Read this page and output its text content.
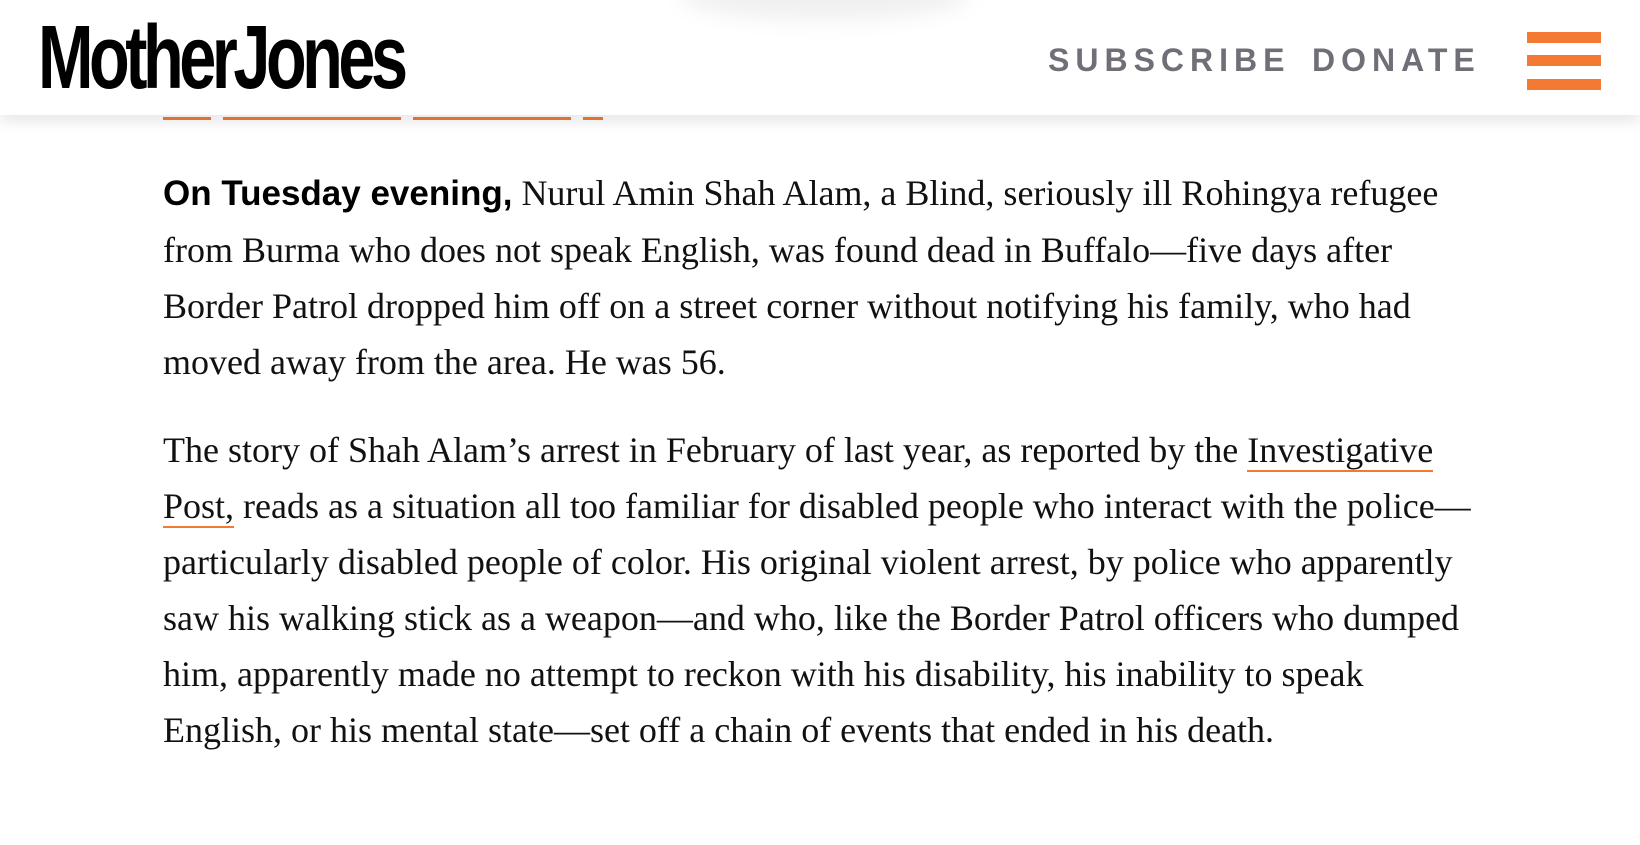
MotherJones	SUBSCRIBE DONATE

On Tuesday evening, Nurul Amin Shah Alam, a Blind, seriously ill Rohingya refugee from Burma who does not speak English, was found dead in Buffalo—five days after Border Patrol dropped him off on a street corner without notifying his family, who had moved away from the area. He was 56.

The story of Shah Alam’s arrest in February of last year, as reported by the Investigative Post, reads as a situation all too familiar for disabled people who interact with the police—particularly disabled people of color. His original violent arrest, by police who apparently saw his walking stick as a weapon—and who, like the Border Patrol officers who dumped him, apparently made no attempt to reckon with his disability, his inability to speak English, or his mental state—set off a chain of events that ended in his death.
